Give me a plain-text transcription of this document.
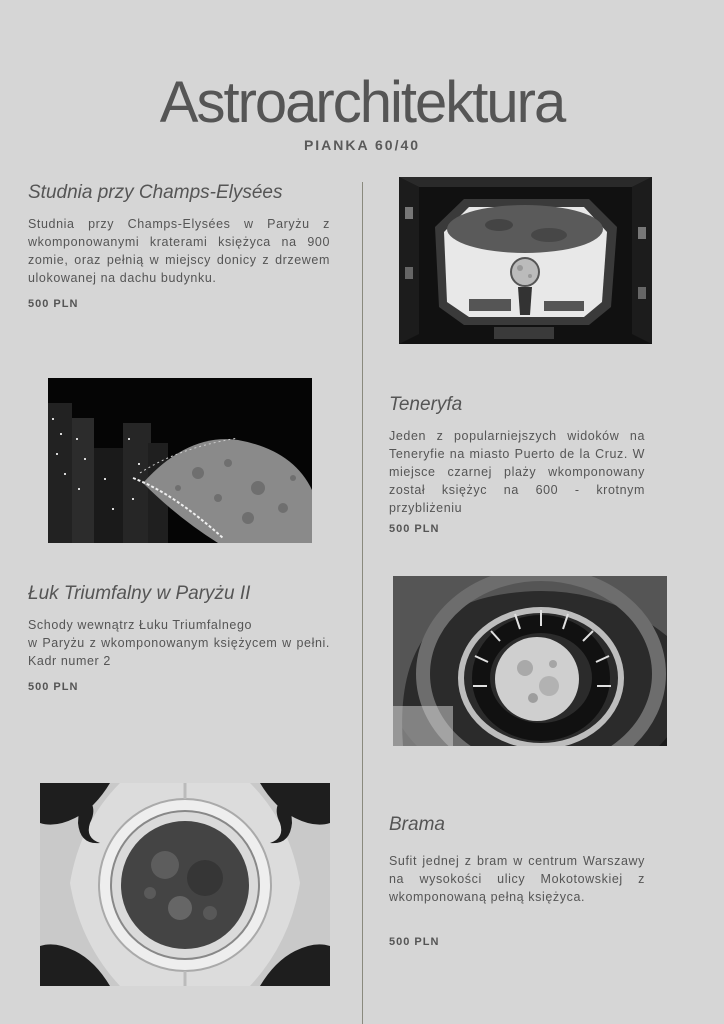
Astroarchitektura
PIANKA 60/40
Studnia przy Champs-Elysées

Studnia przy Champs-Elysées w Paryżu z wkomponowanymi kraterami księżyca na 900 zomie, oraz pełnią w miejscy donicy z drzewem ulokowanej na dachu budynku.

500 PLN
Teneryfa

Jeden z popularniejszych widoków na Teneryfie na miasto Puerto de la Cruz. W miejsce czarnej plaży wkomponowany został księżyc na 600 - krotnym przybliżeniu

500 PLN
Łuk Triumfalny w Paryżu II

Schody wewnątrz Łuku Triumfalnego
w Paryżu z wkomponowanym księżycem w pełni. Kadr numer 2

500 PLN
Brama

Sufit jednej z bram w centrum Warszawy na wysokości ulicy Mokotowskiej z wkomponowaną pełną księżyca.

500 PLN
